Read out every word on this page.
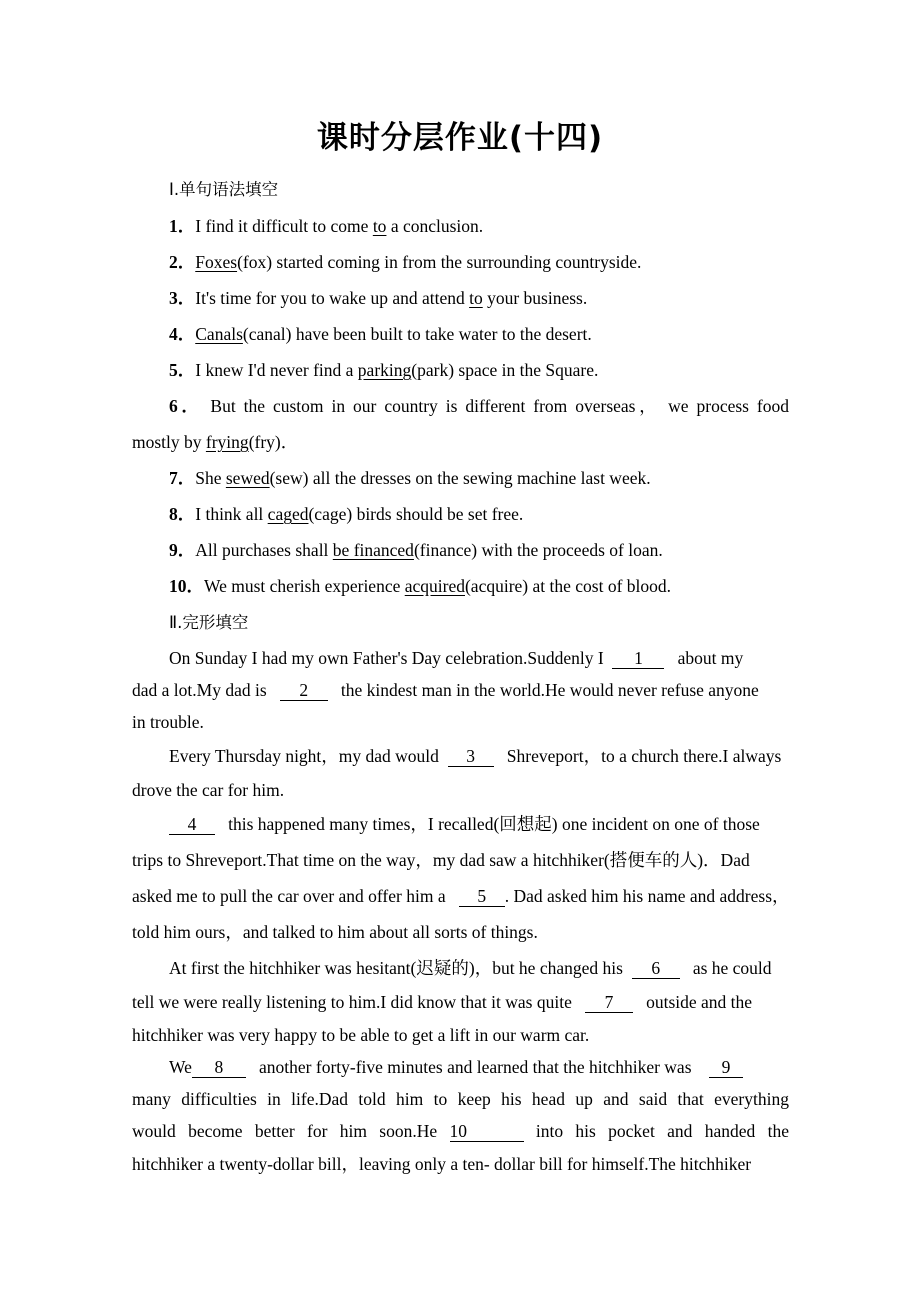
课时分层作业(十四)
Ⅰ.单句语法填空
1．I find it difficult to come to a conclusion.
2．Foxes(fox) started coming in from the surrounding countryside.
3．It's time for you to wake up and attend to your business.
4．Canals(canal) have been built to take water to the desert.
5．I knew I'd never find a parking(park) space in the Square.
6． But the custom in our country is different from overseas， we process food
mostly by frying(fry)．
7．She sewed(sew) all the dresses on the sewing machine last week.
8．I think all caged(cage) birds should be set free.
9．All purchases shall be financed(finance) with the proceeds of loan.
10．We must cherish experience acquired(acquire) at the cost of blood.
Ⅱ.完形填空
On Sunday I had my own Father's Day celebration.Suddenly I 1 about my
dad a lot.My dad is 2 the kindest man in the world.He would never refuse anyone
in trouble.
Every Thursday night，my dad would 3 Shreveport，to a church there.I always
drove the car for him.
4 this happened many times，I recalled(回想起) one incident on one of those
trips to Shreveport.That time on the way，my dad saw a hitchhiker(搭便车的人)．Dad
asked me to pull the car over and offer him a 5 . Dad asked him his name and address，
told him ours，and talked to him about all sorts of things.
At first the hitchhiker was hesitant(迟疑的)，but he changed his 6 as he could
tell we were really listening to him.I did know that it was quite 7 outside and the
hitchhiker was very happy to be able to get a lift in our warm car.
We 8 another forty-five minutes and learned that the hitchhiker was 9
many difficulties in life.Dad told him to keep his head up and said that everything
would become better for him soon.He 10	into his pocket and handed the
hitchhiker a twenty-dollar bill，leaving only a ten- dollar bill for himself.The hitchhiker
